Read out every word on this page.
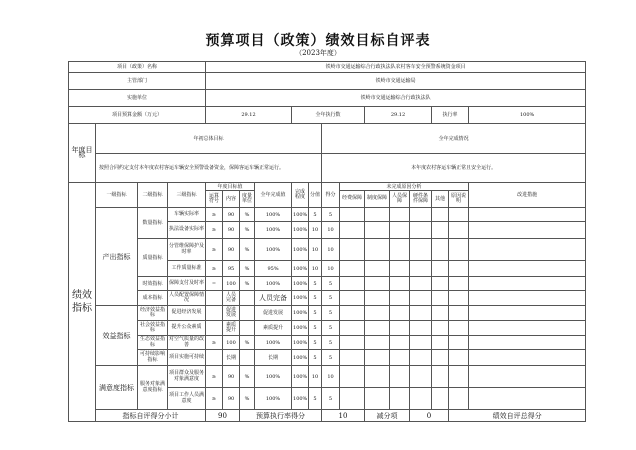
预算项目（政策）绩效目标自评表
（2023年度）
项目（政策）名称				铁岭市交通运输综合行政执法队农村客车安全预警系统资金项目														
主管部门				铁岭市交通运输局														
实施单位				铁岭市交通运输综合行政执法队														
项目预算金额（万元）				29.12				全年执行数				29.12			执行率		100%	
年度目标	年初总体目标									全年完成情况								
	按照合同约定支付本年度农村客运车辆安全预警设备资金，保障客运车辆正常运行。									本年度农村客运车辆正常且安全运行。								
绩效指标	一级指标	二级指标	三级指标	年度目标值			全年完成值	完成程度	分值	得分	未完成原因分析						改进措施	
				运算符号	内容	度量单位					经费保障	制度保障	人员保障	硬件条件保障	其他	原因说明		
	产出指标	数量指标	车辆实际率	≥	90	%	100%	100%	5	5								
			执法设备实际率	≥	90	%	100%	100%	10	10								
		质量指标	分管维保障护及时率	≥	90	%	100%	100%	10	10								
			工作质量标准	≥	95	%	95%	100%	10	10								
		时效指标	保障支付及时率	=	100	%	100%	100%	5	5								
		成本指标	人员配置保障情况		人员完备		人员完备	100%	5	5								
	效益指标	经济效益指标	促进经济发展		促进发展		促进发展	100%	5	5								
		社会效益指标	提升公众素质		素质提升		素质提升	100%	5	5								
		生态效益指标	对空气质量的改善	≥	100	%	100%	100%	5	5								
		可持续影响指标	项目实施可持续		长期		长期	100%	5	5								
	满意度指标	服务对象满意度指标	项目群众及服务对象满意度	≥	90	%	100%	100%	10	10								
			项目工作人员满意度	≥	90	%	100%	100%	5	5								
	指标自评得分小计			90		预算执行率得分				10		减分项		0		绩效自评总得分	
